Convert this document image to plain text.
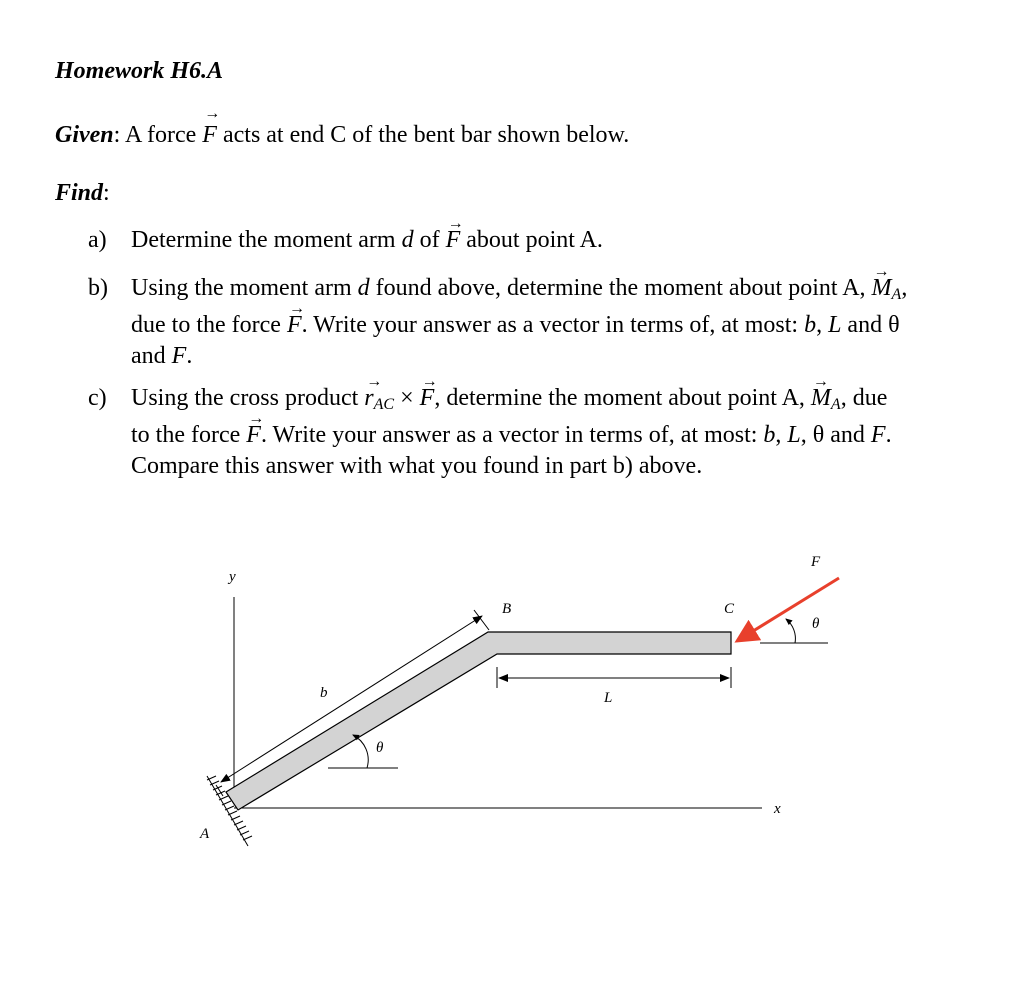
Homework H6.A
Given: A force → F acts at end C of the bent bar shown below.
Find:
a) Determine the moment arm d of → F about point A.
b) Using the moment arm d found above, determine the moment about point A, → $M_A$,
due to the force → F. Write your answer as a vector in terms of, at most: b, L and θ
and F.
c) Using the cross product → $r_{AC}$ × → F, determine the moment about point A, → $M_A$, due
to the force → F. Write your answer as a vector in terms of, at most: b, L, θ and F.
Compare this answer with what you found in part b) above.
y
x
A
B	C
b	L
θ
F
θ
